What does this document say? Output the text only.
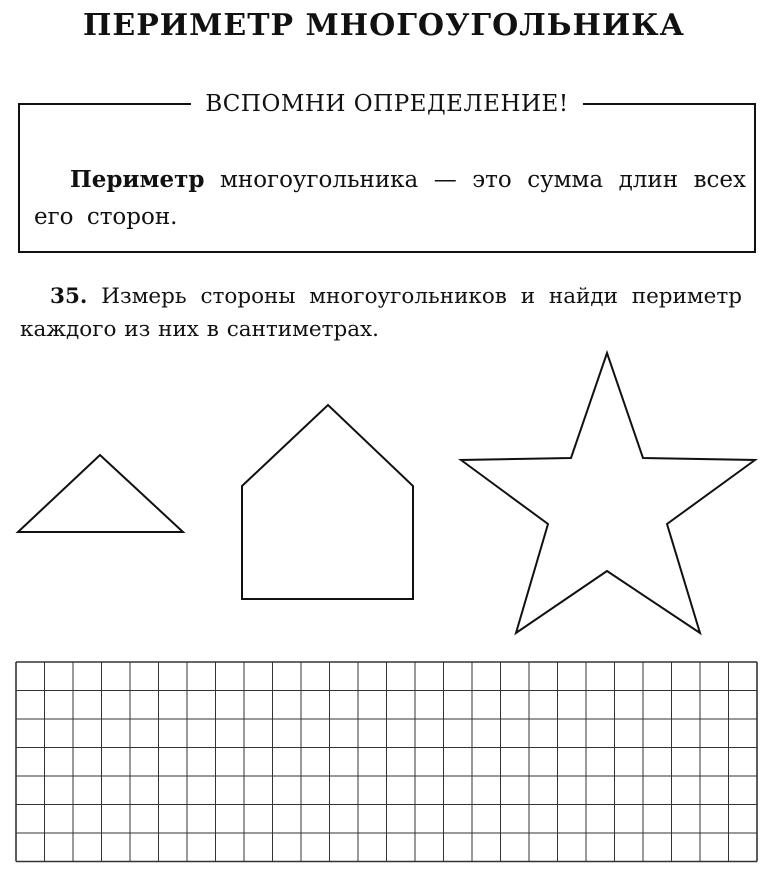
ПЕРИМЕТР МНОГОУГОЛЬНИКА
ВСПОМНИ ОПРЕДЕЛЕНИЕ!

Периметр многоугольника — это сумма длин всех его сторон.

35. Измерь стороны многоугольников и найди периметр каждого из них в сантиметрах.
